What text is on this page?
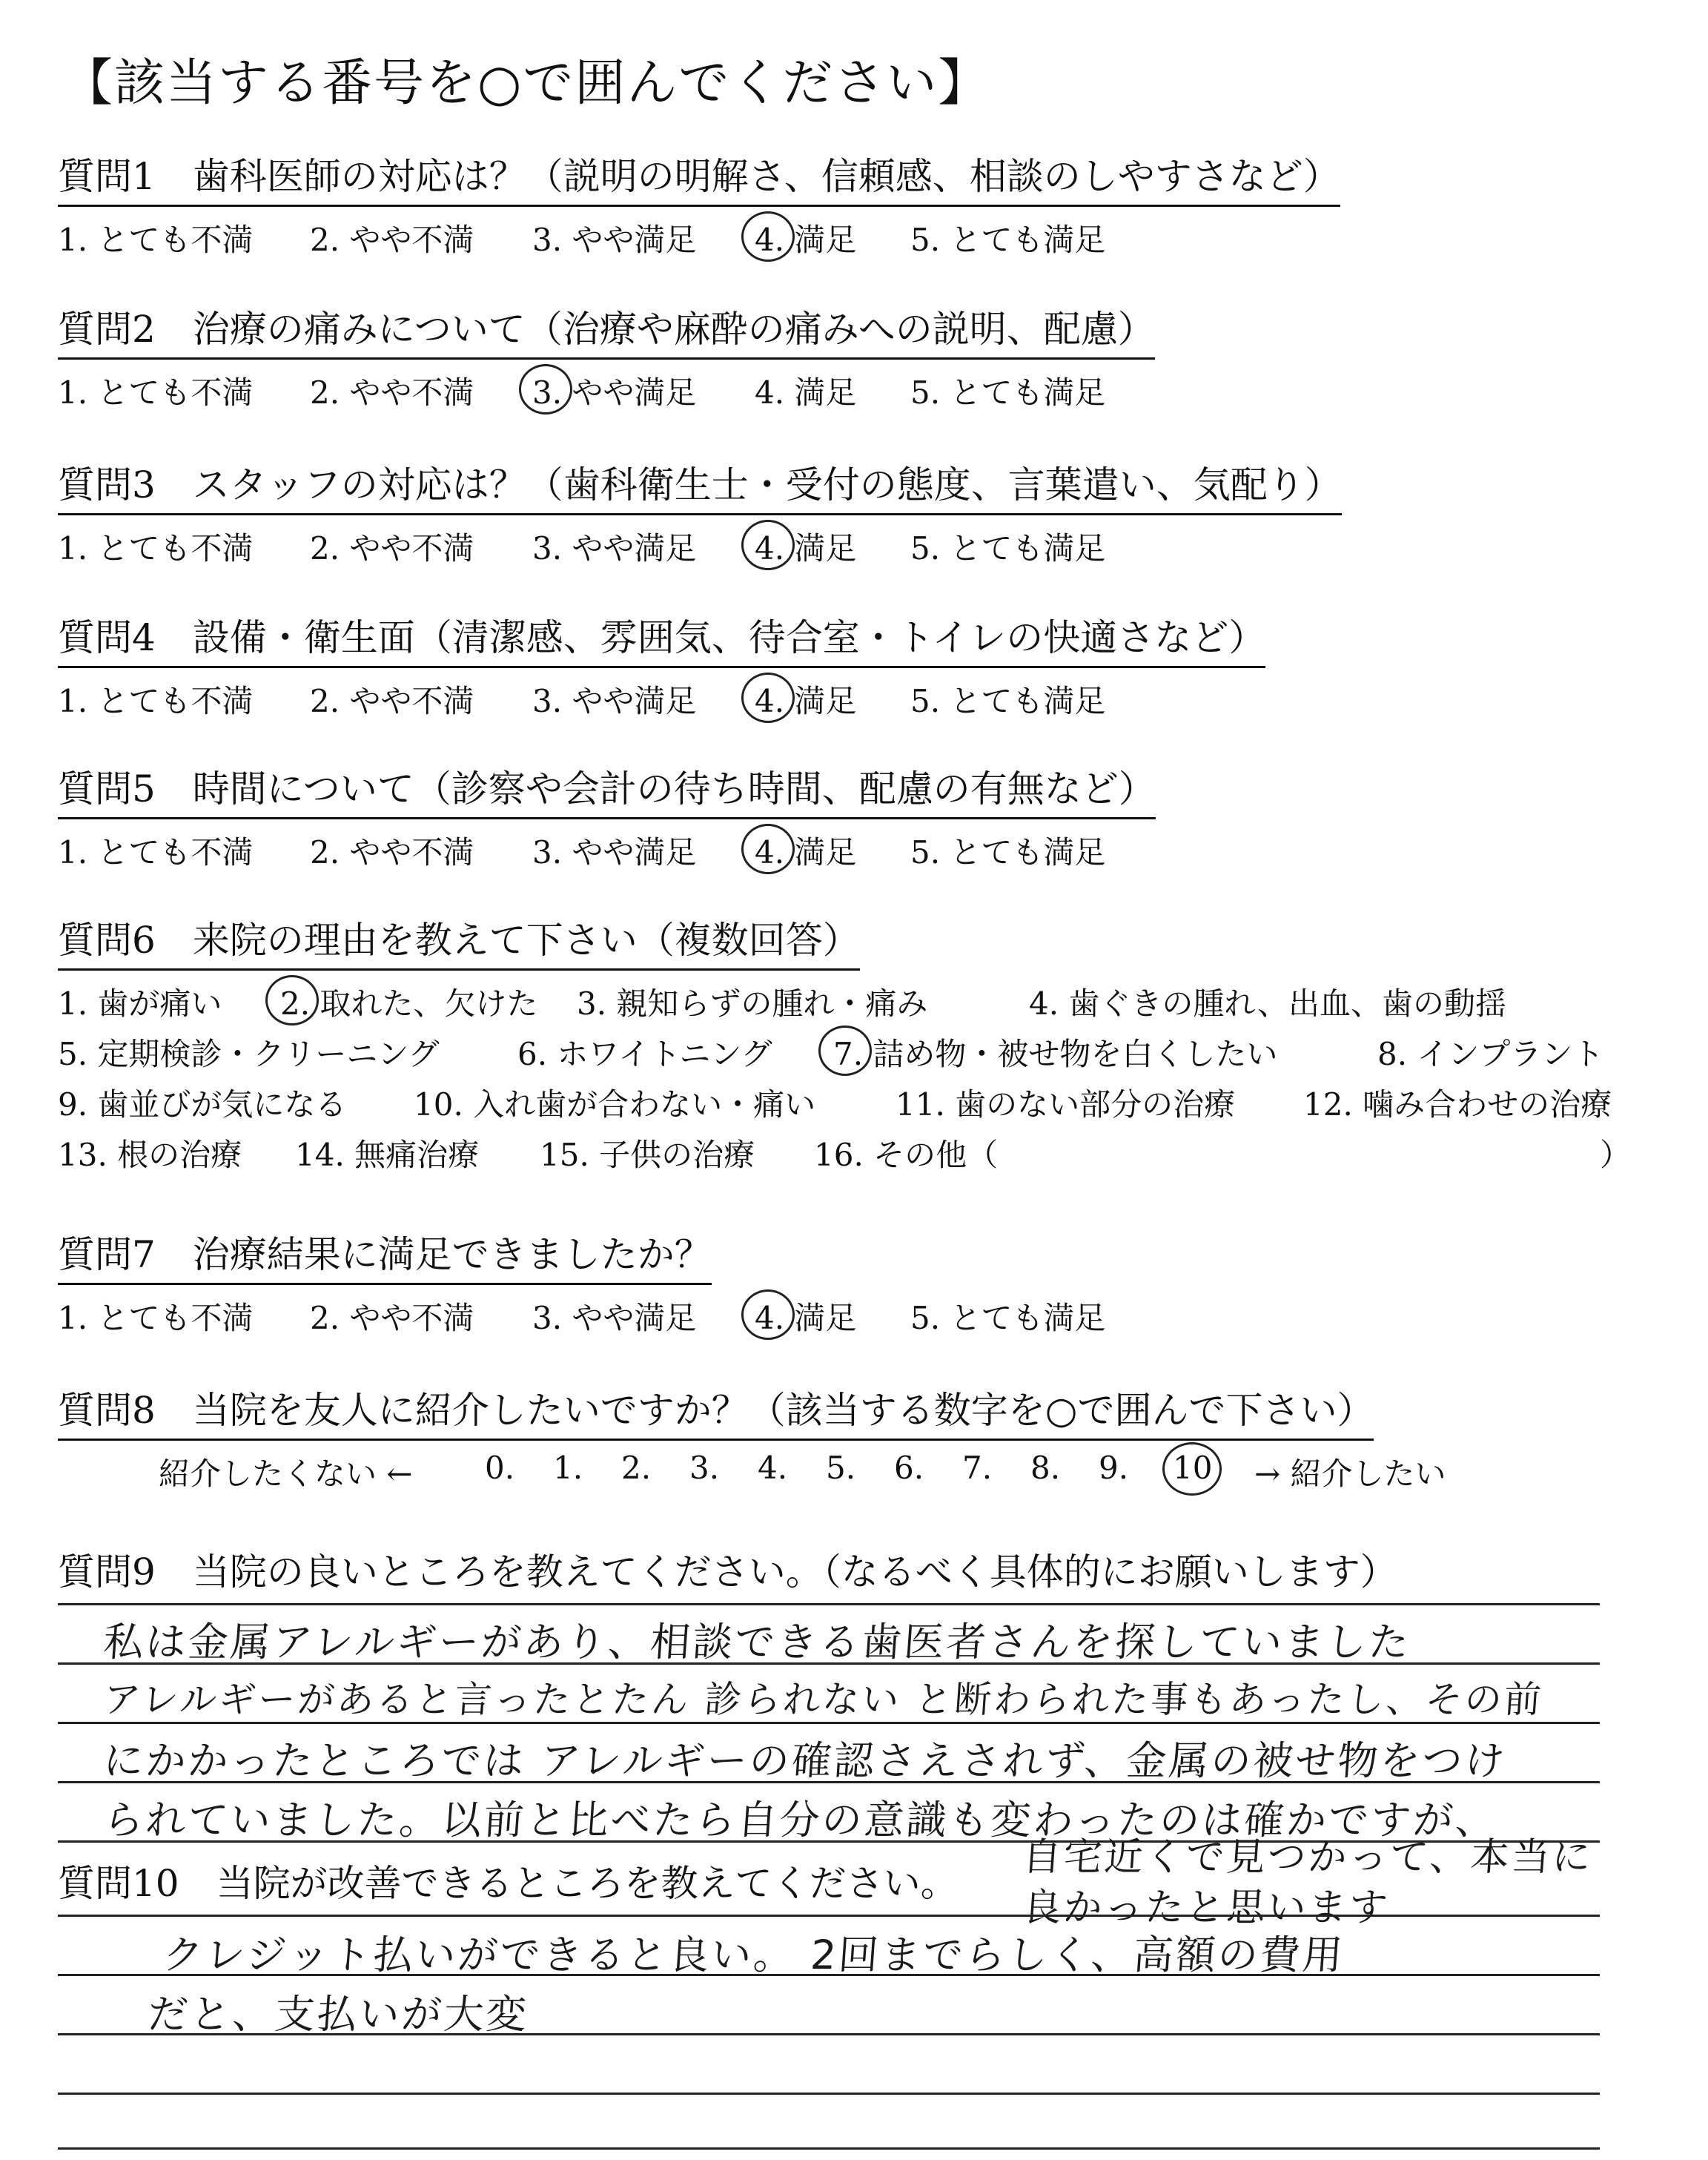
【該当する番号を○で囲んでください】
質問1　歯科医師の対応は？（説明の明解さ、信頼感、相談のしやすさなど）
1. とても不満 2. やや不満 3. やや満足 4. 満足 5. とても満足
質問2　治療の痛みについて（治療や麻酔の痛みへの説明、配慮）
1. とても不満 2. やや不満 3. やや満足 4. 満足 5. とても満足
質問3　スタッフの対応は？（歯科衛生士・受付の態度、言葉遣い、気配り）
1. とても不満 2. やや不満 3. やや満足 4. 満足 5. とても満足
質問4　設備・衛生面（清潔感、雰囲気、待合室・トイレの快適さなど）
1. とても不満 2. やや不満 3. やや満足 4. 満足 5. とても満足
質問5　時間について（診察や会計の待ち時間、配慮の有無など）
1. とても不満 2. やや不満 3. やや満足 4. 満足 5. とても満足
質問6　来院の理由を教えて下さい（複数回答）
1. 歯が痛い 2. 取れた、欠けた 3. 親知らずの腫れ・痛み	4. 歯ぐきの腫れ、出血、歯の動揺
5. 定期検診・クリーニング	6. ホワイトニング 7. 詰め物・被せ物を白くしたい	8. インプラント
9. 歯並びが気になる 10. 入れ歯が合わない・痛い	11. 歯のない部分の治療 12. 噛み合わせの治療
13. 根の治療 14. 無痛治療 15. 子供の治療 16. その他（	）
質問7　治療結果に満足できましたか？
1. とても不満 2. やや不満 3. やや満足 4. 満足 5. とても満足
質問8　当院を友人に紹介したいですか？（該当する数字を○で囲んで下さい）
紹介したくない ← 0. 1. 2. 3. 4. 5. 6. 7. 8. 9. 10 → 紹介したい
質問9　当院の良いところを教えてください。（なるべく具体的にお願いします）
私は金属アレルギーがあり、相談できる歯医者さんを探していました
アレルギーがあると言ったとたん 診られない と断わられた事もあったし、その前
にかかったところでは アレルギーの確認さえされず、金属の被せ物をつけ
られていました。以前と比べたら自分の意識も変わったのは確かですが、
質問10　当院が改善できるところを教えてください。
自宅近くで見つかって、本当に
良かったと思います
クレジット払いができると良い。 2回までらしく、高額の費用
だと、支払いが大変
